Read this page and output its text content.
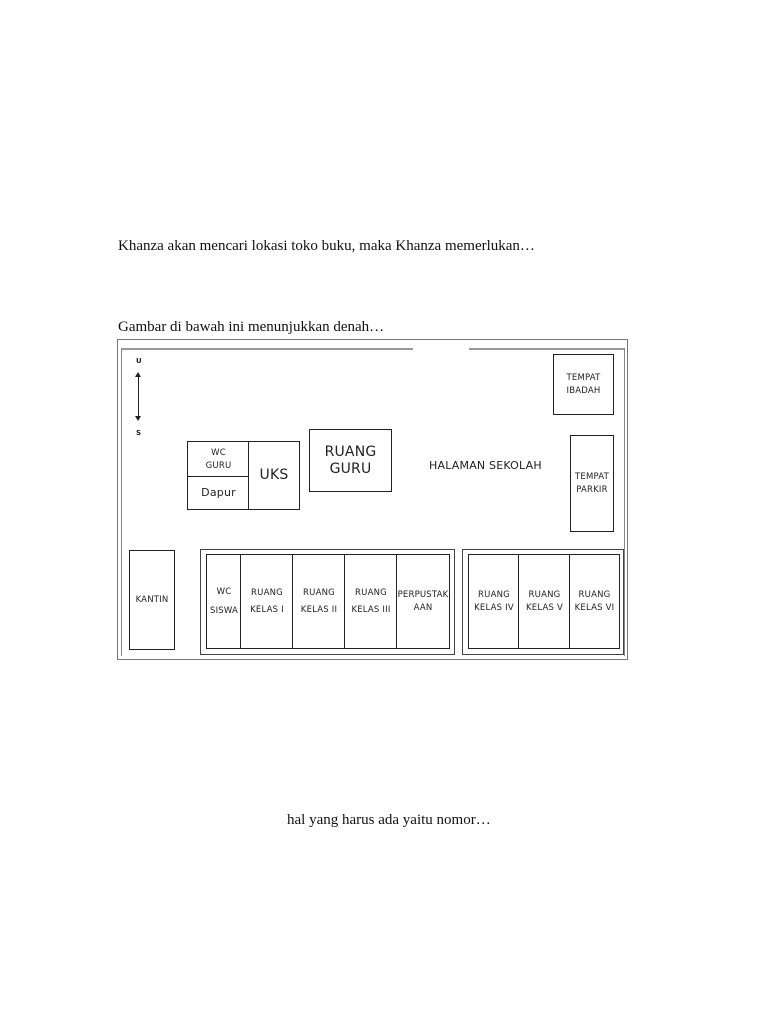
Khanza akan mencari lokasi toko buku, maka Khanza memerlukan…

Gambar di bawah ini menunjukkan denah…

U
S
WC
GURU
Dapur
UKS
RUANG
GURU	HALAMAN SEKOLAH
TEMPAT
IBADAH
TEMPAT
PARKIR
KANTIN
WC
SISWA
RUANG
KELAS I
RUANG
KELAS II
RUANG
KELAS III
PERPUSTAK
AAN
RUANG
KELAS IV
RUANG
KELAS V
RUANG
KELAS VI

hal yang harus ada yaitu nomor…
